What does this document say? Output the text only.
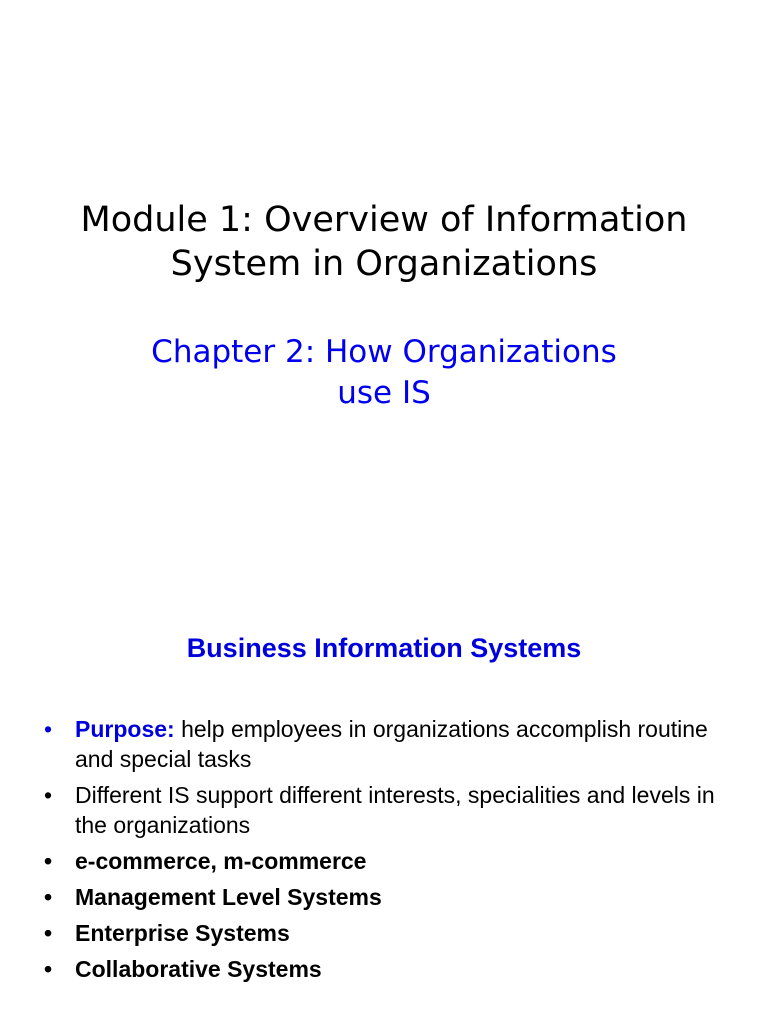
Module 1: Overview of Information
System in Organizations
Chapter 2: How Organizations
use IS
Business Information Systems
• Purpose: help employees in organizations accomplish routine and special tasks
• Different IS support different interests, specialities and levels in the organizations
• e-commerce, m-commerce
• Management Level Systems
• Enterprise Systems
• Collaborative Systems
